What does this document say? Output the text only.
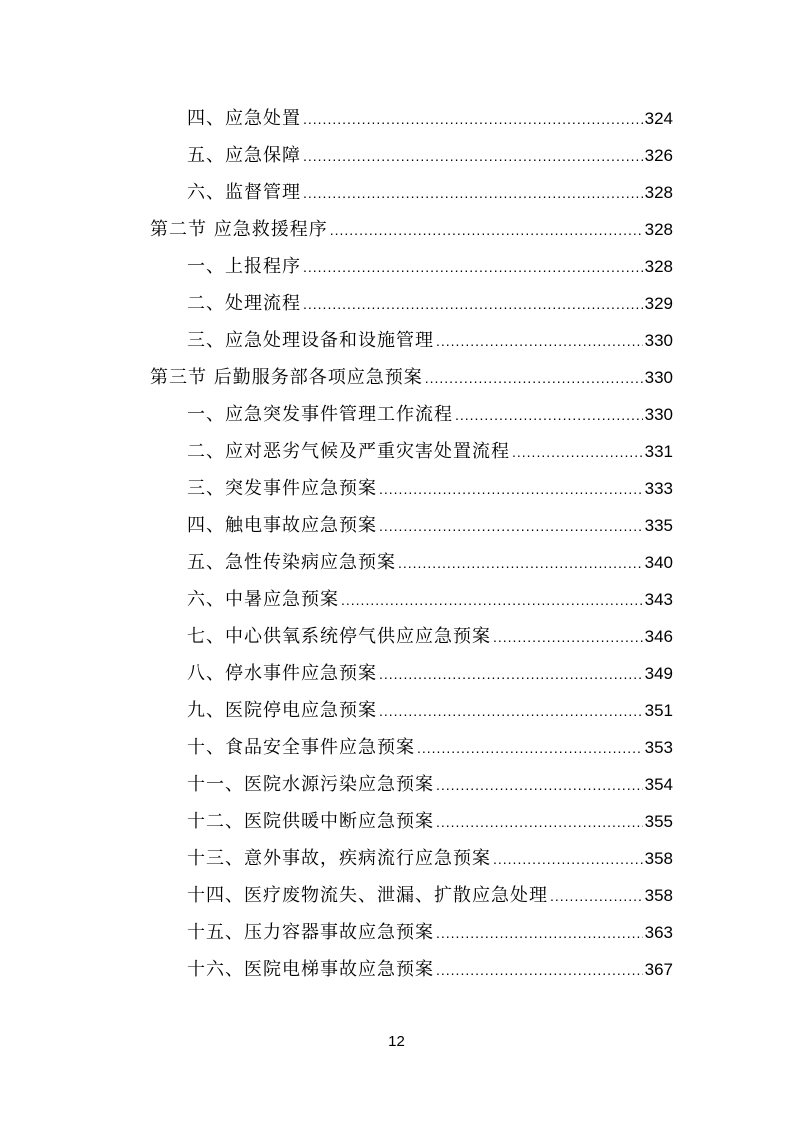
四、应急处置 .....	324
五、应急保障 .....	326
六、监督管理 .....	328
第二节 应急救援程序 .....	328
一、上报程序 .....	328
二、处理流程 .....	329
三、应急处理设备和设施管理 .....	330
第三节 后勤服务部各项应急预案 .....	330
一、应急突发事件管理工作流程 .....	330
二、应对恶劣气候及严重灾害处置流程 .....	331
三、突发事件应急预案 .....	333
四、触电事故应急预案 .....	335
五、急性传染病应急预案 .....	340
六、中暑应急预案 .....	343
七、中心供氧系统停气供应应急预案 .....	346
八、停水事件应急预案 .....	349
九、医院停电应急预案 .....	351
十、食品安全事件应急预案 .....	353
十一、医院水源污染应急预案 .....	354
十二、医院供暖中断应急预案 .....	355
十三、意外事故，疾病流行应急预案 .....	358
十四、医疗废物流失、泄漏、扩散应急处理 .....	358
十五、压力容器事故应急预案 .....	363
十六、医院电梯事故应急预案 .....	367
12
